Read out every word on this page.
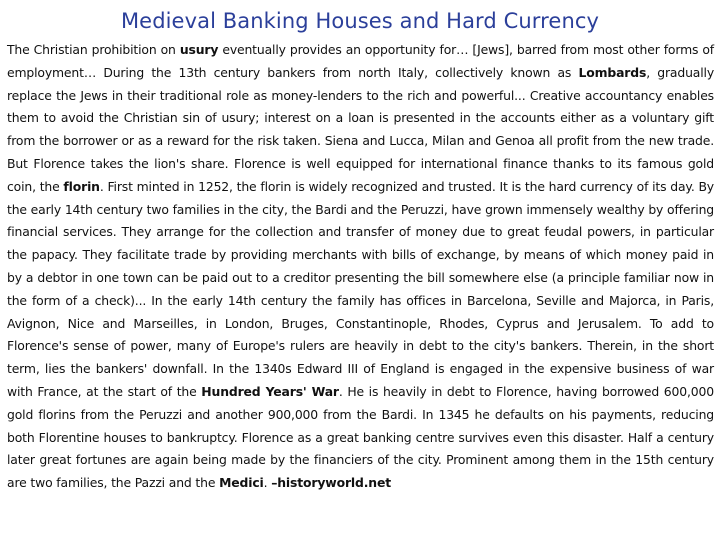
Medieval Banking Houses and Hard Currency

The Christian prohibition on usury eventually provides an opportunity for… [Jews], barred from most other forms of employment… During the 13th century bankers from north Italy, collectively known as Lombards, gradually replace the Jews in their traditional role as money-lenders to the rich and powerful... Creative accountancy enables them to avoid the Christian sin of usury; interest on a loan is presented in the accounts either as a voluntary gift from the borrower or as a reward for the risk taken. Siena and Lucca, Milan and Genoa all profit from the new trade. But Florence takes the lion's share. Florence is well equipped for international finance thanks to its famous gold coin, the florin. First minted in 1252, the florin is widely recognized and trusted. It is the hard currency of its day. By the early 14th century two families in the city, the Bardi and the Peruzzi, have grown immensely wealthy by offering financial services. They arrange for the collection and transfer of money due to great feudal powers, in particular the papacy. They facilitate trade by providing merchants with bills of exchange, by means of which money paid in by a debtor in one town can be paid out to a creditor presenting the bill somewhere else (a principle familiar now in the form of a check)... In the early 14th century the family has offices in Barcelona, Seville and Majorca, in Paris, Avignon, Nice and Marseilles, in London, Bruges, Constantinople, Rhodes, Cyprus and Jerusalem. To add to Florence's sense of power, many of Europe's rulers are heavily in debt to the city's bankers. Therein, in the short term, lies the bankers' downfall. In the 1340s Edward III of England is engaged in the expensive business of war with France, at the start of the Hundred Years' War. He is heavily in debt to Florence, having borrowed 600,000 gold florins from the Peruzzi and another 900,000 from the Bardi. In 1345 he defaults on his payments, reducing both Florentine houses to bankruptcy. Florence as a great banking centre survives even this disaster. Half a century later great fortunes are again being made by the financiers of the city. Prominent among them in the 15th century are two families, the Pazzi and the Medici. –historyworld.net
